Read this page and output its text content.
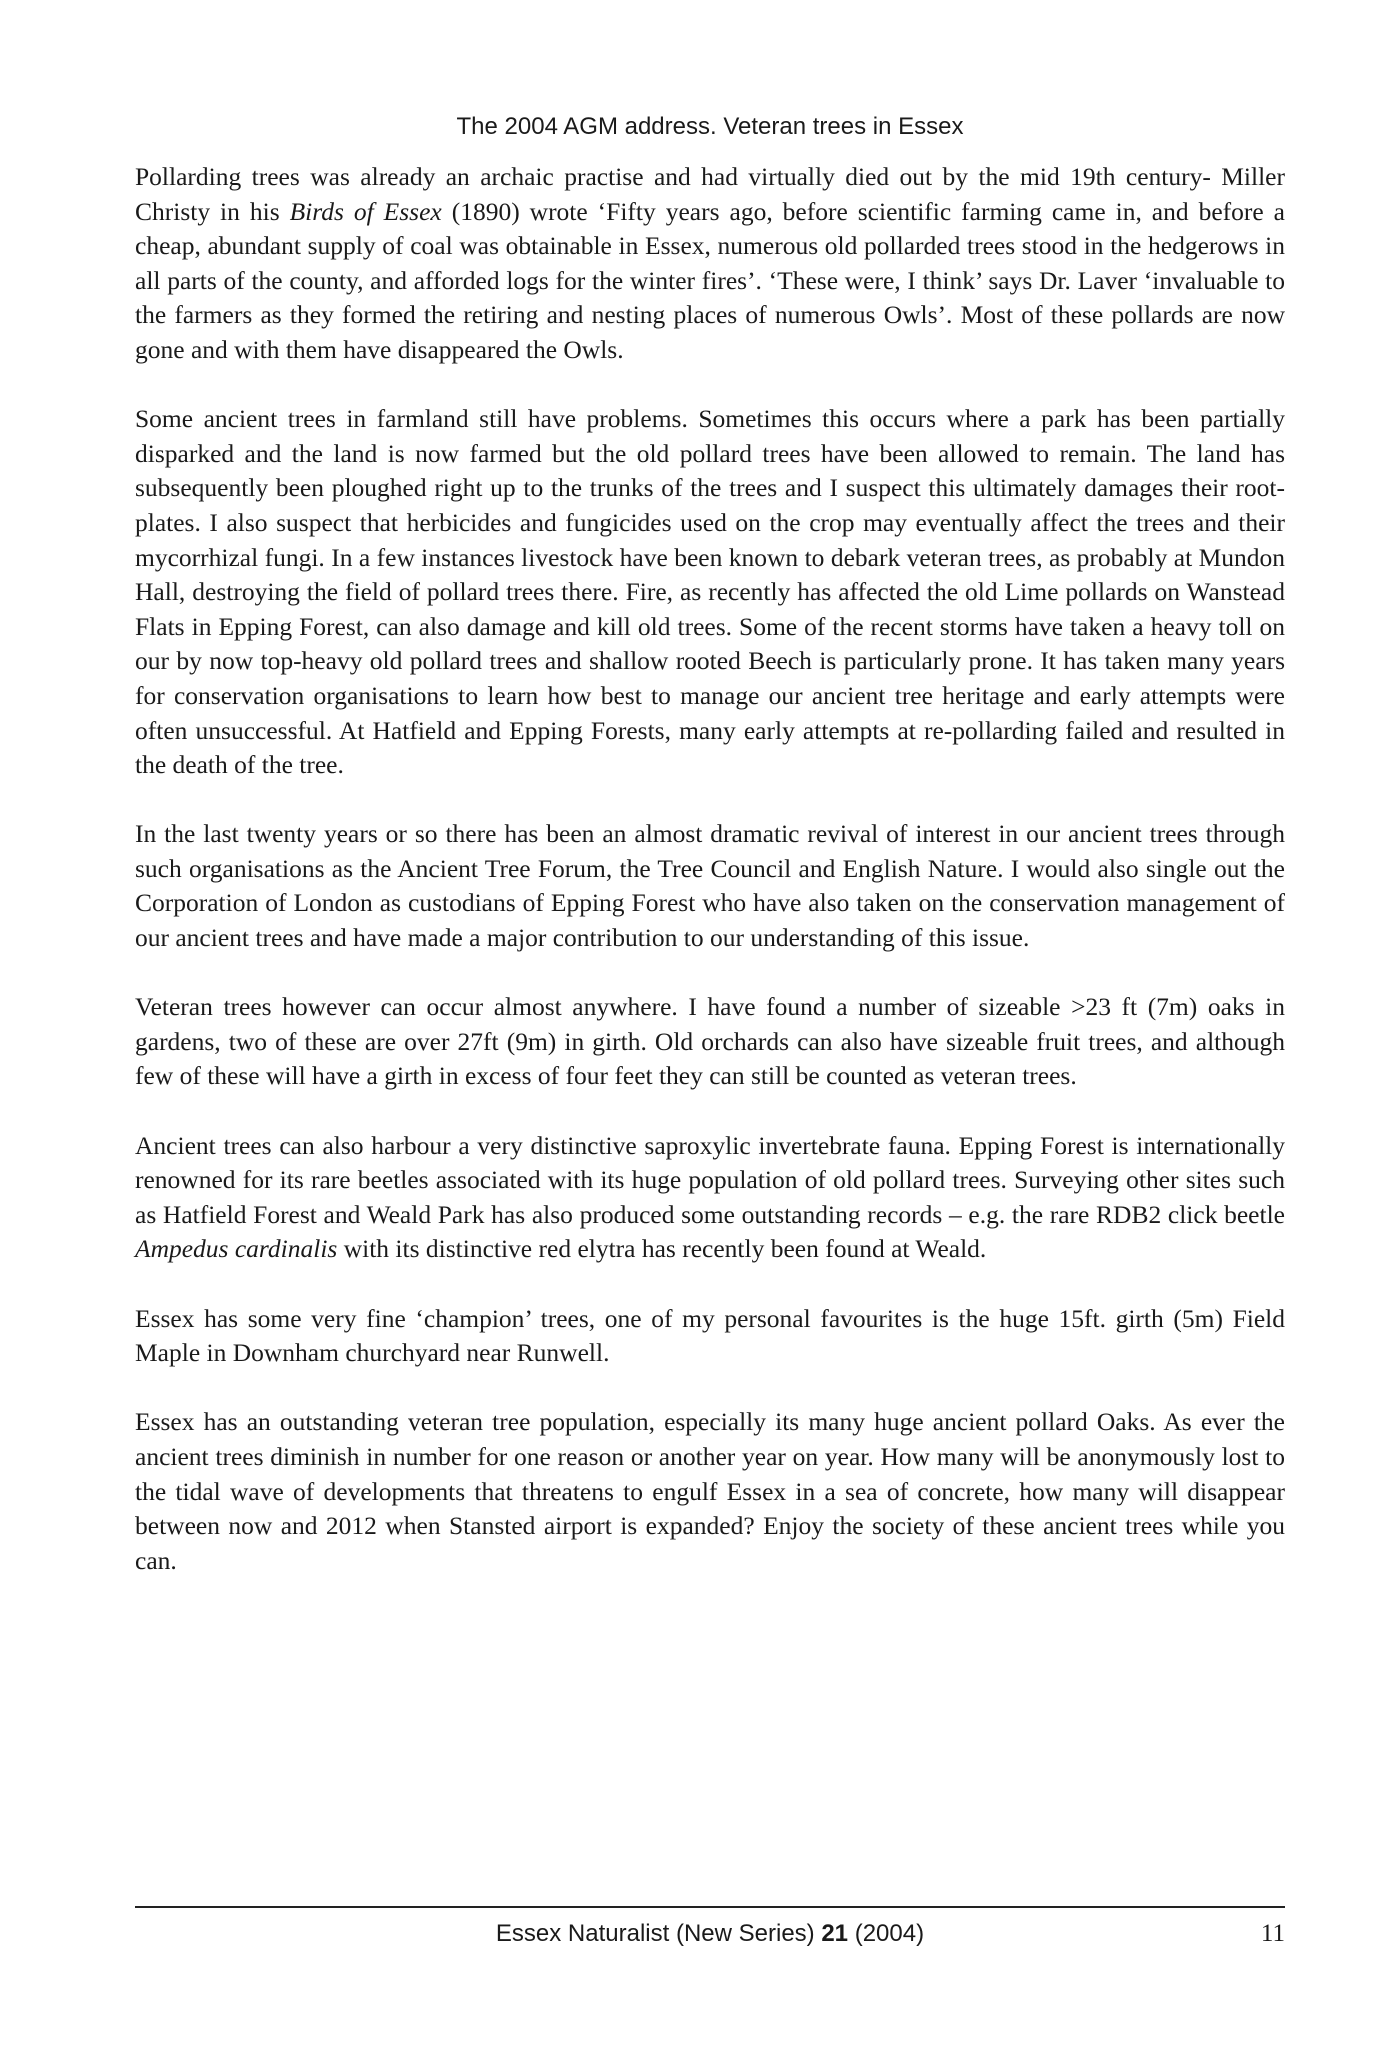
The 2004 AGM address. Veteran trees in Essex

Pollarding trees was already an archaic practise and had virtually died out by the mid 19th century- Miller Christy in his Birds of Essex (1890) wrote ‘Fifty years ago, before scientific farming came in, and before a cheap, abundant supply of coal was obtainable in Essex, numerous old pollarded trees stood in the hedgerows in all parts of the county, and afforded logs for the winter fires’. ‘These were, I think’ says Dr. Laver ‘invaluable to the farmers as they formed the retiring and nesting places of numerous Owls’. Most of these pollards are now gone and with them have disappeared the Owls.

Some ancient trees in farmland still have problems. Sometimes this occurs where a park has been partially disparked and the land is now farmed but the old pollard trees have been allowed to remain. The land has subsequently been ploughed right up to the trunks of the trees and I suspect this ultimately damages their root-plates. I also suspect that herbicides and fungicides used on the crop may eventually affect the trees and their mycorrhizal fungi. In a few instances livestock have been known to debark veteran trees, as probably at Mundon Hall, destroying the field of pollard trees there. Fire, as recently has affected the old Lime pollards on Wanstead Flats in Epping Forest, can also damage and kill old trees. Some of the recent storms have taken a heavy toll on our by now top-heavy old pollard trees and shallow rooted Beech is particularly prone. It has taken many years for conservation organisations to learn how best to manage our ancient tree heritage and early attempts were often unsuccessful. At Hatfield and Epping Forests, many early attempts at re-pollarding failed and resulted in the death of the tree.

In the last twenty years or so there has been an almost dramatic revival of interest in our ancient trees through such organisations as the Ancient Tree Forum, the Tree Council and English Nature. I would also single out the Corporation of London as custodians of Epping Forest who have also taken on the conservation management of our ancient trees and have made a major contribution to our understanding of this issue.

Veteran trees however can occur almost anywhere. I have found a number of sizeable >23 ft (7m) oaks in gardens, two of these are over 27ft (9m) in girth. Old orchards can also have sizeable fruit trees, and although few of these will have a girth in excess of four feet they can still be counted as veteran trees.

Ancient trees can also harbour a very distinctive saproxylic invertebrate fauna. Epping Forest is internationally renowned for its rare beetles associated with its huge population of old pollard trees. Surveying other sites such as Hatfield Forest and Weald Park has also produced some outstanding records – e.g. the rare RDB2 click beetle Ampedus cardinalis with its distinctive red elytra has recently been found at Weald.

Essex has some very fine ‘champion’ trees, one of my personal favourites is the huge 15ft. girth (5m) Field Maple in Downham churchyard near Runwell.

Essex has an outstanding veteran tree population, especially its many huge ancient pollard Oaks. As ever the ancient trees diminish in number for one reason or another year on year. How many will be anonymously lost to the tidal wave of developments that threatens to engulf Essex in a sea of concrete, how many will disappear between now and 2012 when Stansted airport is expanded? Enjoy the society of these ancient trees while you can.

Essex Naturalist (New Series) 21 (2004)	11
